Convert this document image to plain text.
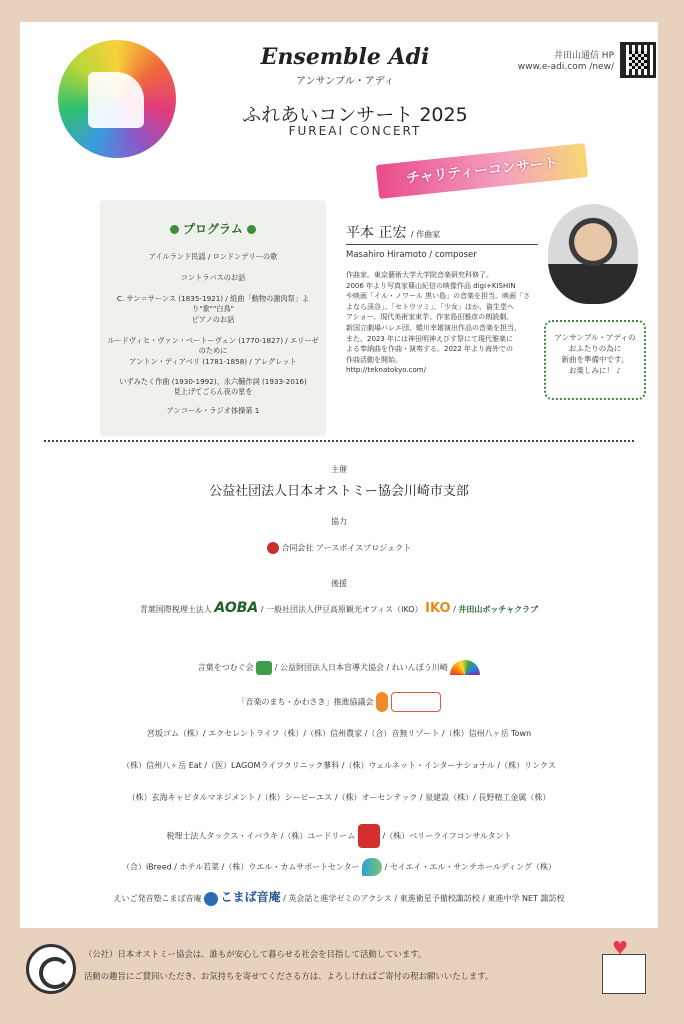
Ensemble Adi
アンサンブル・アディ
井田山通信 HP
www.e-adi.com /new/
ふれあいコンサート 2025
FUREAI CONCERT
チャリティーコンサート
プログラム
アイルランド民謡 / ロンドンデリーの歌
コントラバスのお話
C. サン＝サーンス (1835-1921) / 組曲「動物の謝肉祭」より"象""白鳥"
ピアノのお話
ルードヴィヒ・ヴァン・ベートーヴェン (1770-1827) / エリーゼのために
アントン・ディアベリ (1781-1858) / アレグレット
いずみたく作曲 (1930-1992)、永六輔作詞 (1933-2016)
見上げてごらん夜の星を
アンコール・ラジオ体操第 1
平本 正宏 / 作曲家
Masahiro Hiramoto / composer
作曲家。東京藝術大学大学院音楽研究科修了。
2006 年より写真家篠山紀信の映像作品 digi+KISHIN
や映画「イル・ノワール 黒い島」の音楽を担当。映画「さ
よなら渓谷」、「セトウツミ」、「少女」ほか、資生堂ヘ
アショー、現代美術家束芋、作家島田雅彦の朗読劇、
新国立劇場バレエ団、蜷川幸雄演出作品の音楽を担当。
また、2023 年には神田明神えびす祭にて現代雅楽に
よる奉納曲を作曲・演奏する。2022 年より海外での
作曲活動を開始。
http://teknatokyo.com/
アンサンブル・アディの
おふたりの為に
新曲を準備中です。
お楽しみに！ ♪
主催
公益社団法人日本オストミー協会川崎市支部
協力
合同会社 アースボイスプロジェクト
後援
青葉国際税理士法人 AOBA / 一般社団法人伊豆高原観光オフィス（IKO） IKO / 井田山ボッチャクラブ
言葉をつむぐ会	/ 公益財団法人日本盲導犬協会 / れいんぼう川崎
「音楽のまち・かわさき」推進協議会
宮坂ゴム（株）/ エクセレントライフ（株）/（株）信州農家 /（合）音無リゾート /（株）信州八ヶ岳 Town
（株）信州八ヶ岳 Eat /（医）LAGOMライフクリニック蓼科 /（株）ウェルネット・インターナショナル /（株）リンクス
（株）玄海キャピタルマネジメント /（株）シーピーエス /（株）オーセンテック / 泉建設（株）/ 長野精工金属（株）
税理士法人タックス・イバラキ /（株）ユードリーム	/（株）ベリーライフコンサルタント
（合）iBreed / ホテル若菜 /（株）ウエル・カムサポートセンター	/ セイエイ・エル・サンテホールディング（株）
えいご発音塾こまば音庵 こまば音庵 / 英会話と進学ゼミのアクシス / 東進衛星予備校諏訪校 / 東進中学 NET 諏訪校
（公社）日本オストミー協会は、誰もが安心して暮らせる社会を目指して活動しています。
活動の趣旨にご賛同いただき、お気持ちを寄せてくださる方は、よろしければご寄付の程お願いいたします。
♥
